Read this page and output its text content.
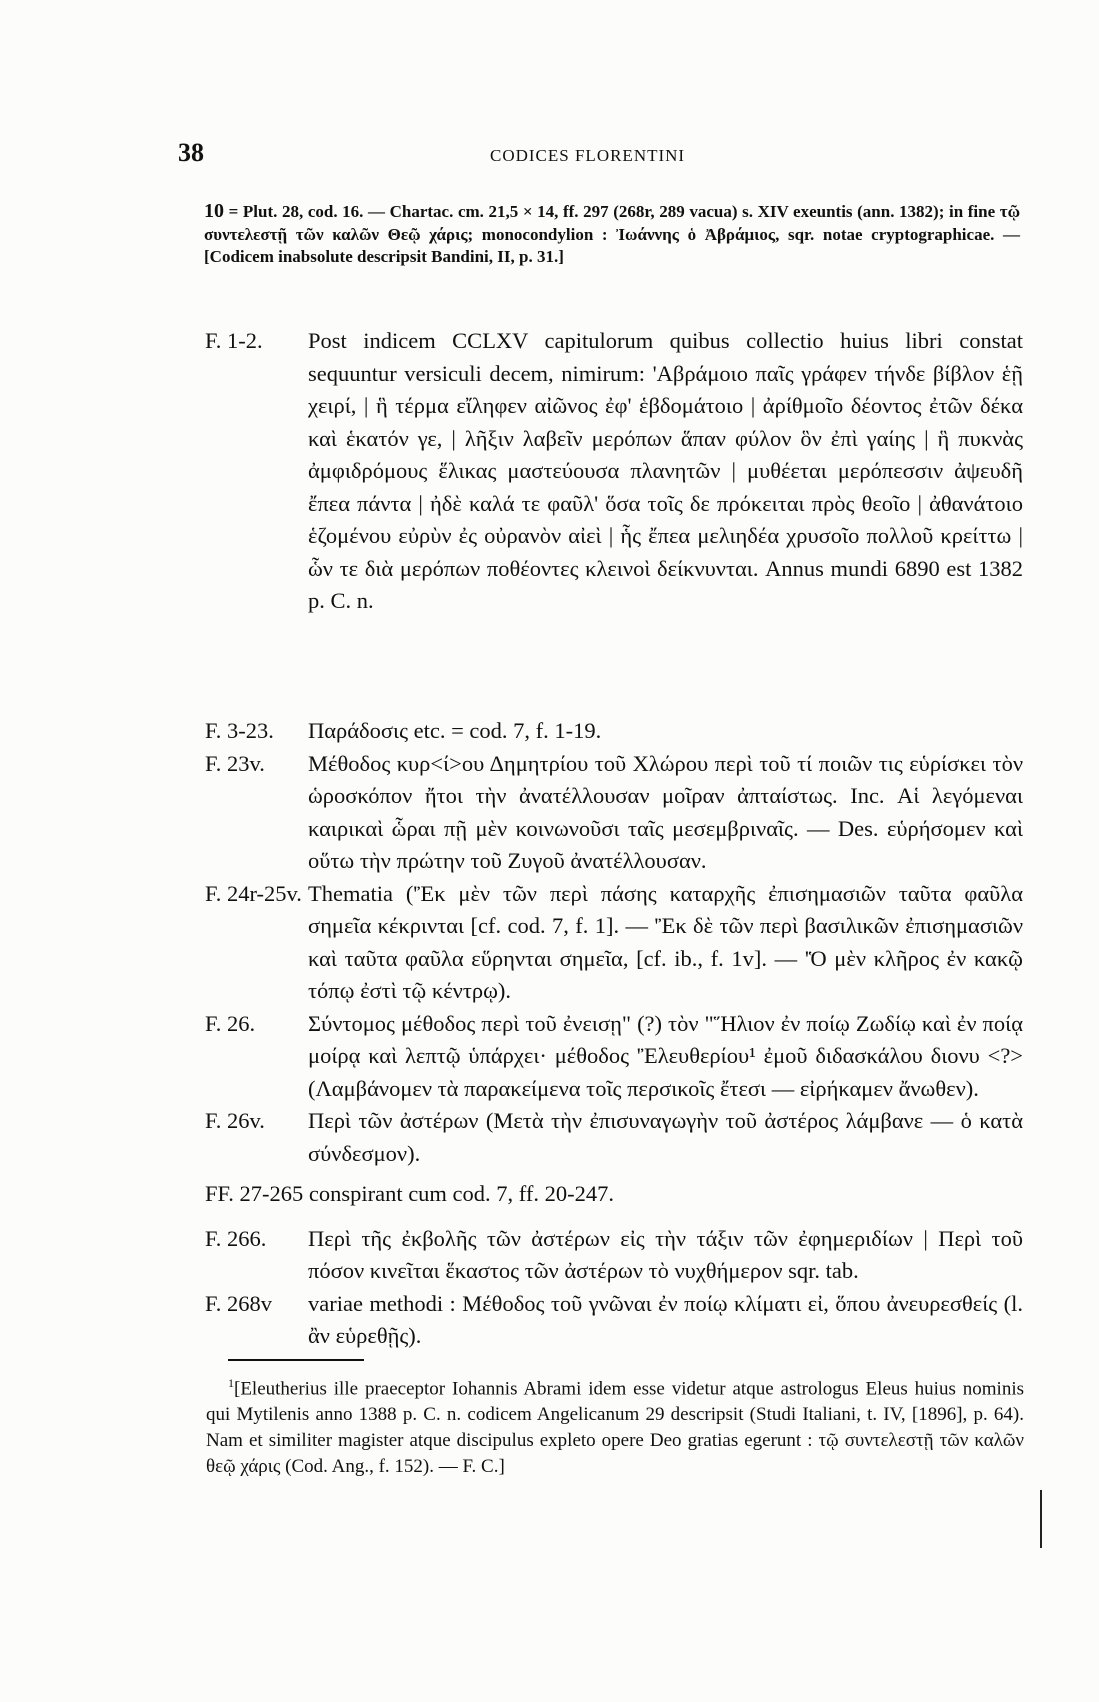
38	CODICES FLORENTINI
10 = Plut. 28, cod. 16. — Chartac. cm. 21,5 × 14, ff. 297 (268r, 289 vacua) s. XIV exeuntis (ann. 1382); in fine τῷ συντελεστῇ τῶν καλῶν Θεῷ χάρις; monocondylion : Ἰωάννης ὁ Ἀβράμιος, sqr. notae cryptographicae. — [Codicem inabsolute descripsit Bandini, II, p. 31.]
F. 1-2. Post indicem CCLXV capitulorum quibus collectio huius libri constat sequuntur versiculi decem, nimirum: 'Αβράμοιο παῖς γράφεν τήνδε βίβλον ἑῇ χειρί, | ἣ τέρμα εἴληφεν αἰῶνος ἐφ' ἑβδομάτοιο | ἀρίθμοῖο δέοντος ἐτῶν δέκα καὶ ἑκατόν γε, | λῆξιν λαβεῖν μερόπων ἅπαν φύλον ὃν ἐπὶ γαίης | ἣ πυκνὰς ἀμφιδρόμους ἕλικας μαστεύουσα πλανητῶν | μυθέεται μερόπεσσιν ἀψευδῆ ἔπεα πάντα | ἠδὲ καλά τε φαῦλ' ὅσα τοῖς δε πρόκειται πρὸς θεοῖο | ἀθανάτοιο ἑζομένου εὐρὺν ἐς οὐρανὸν αἰεὶ | ἧς ἔπεα μελιηδέα χρυσοῖο πολλοῦ κρείττω | ὧν τε διὰ μερόπων ποθέοντες κλεινοὶ δείκνυνται. Annus mundi 6890 est 1382 p. C. n.
F. 3-23. Παράδοσις etc. = cod. 7, f. 1-19.
F. 23v. Μέθοδος κυρ<ί>ου Δημητρίου τοῦ Χλώρου περὶ τοῦ τί ποιῶν τις εὑρίσκει τὸν ὡροσκόπον ἤτοι τὴν ἀνατέλλουσαν μοῖραν ἀπταίστως. Inc. Αἱ λεγόμεναι καιρικαὶ ὧραι πῇ μὲν κοινωνοῦσι ταῖς μεσεμβριναῖς. — Des. εὑρήσομεν καὶ οὕτω τὴν πρώτην τοῦ Ζυγοῦ ἀνατέλλουσαν.
F. 24r-25v. Thematia ('Ἐκ μὲν τῶν περὶ πάσης καταρχῆς ἐπισημασιῶν ταῦτα φαῦλα σημεῖα κέκρινται [cf. cod. 7, f. 1]. — 'Ἐκ δὲ τῶν περὶ βασιλικῶν ἐπισημασιῶν καὶ ταῦτα φαῦλα εὕρηνται σημεῖα, [cf. ib., f. 1v]. — 'Ὁ μὲν κλῆρος ἐν κακῷ τόπῳ ἐστὶ τῷ κέντρῳ).
F. 26. Σύντομος μέθοδος περὶ τοῦ ἐνεισῃ" (?) τὸν "Ἥλιον ἐν ποίῳ Ζωδίῳ καὶ ἐν ποίᾳ μοίρᾳ καὶ λεπτῷ ὑπάρχει· μέθοδος 'Ἐλευθερίου¹ ἐμοῦ διδασκάλου διονυ <?> (Λαμβάνομεν τὰ παρακείμενα τοῖς περσικοῖς ἔτεσι — εἰρήκαμεν ἄνωθεν).
F. 26v. Περὶ τῶν ἀστέρων (Μετὰ τὴν ἐπισυναγωγὴν τοῦ ἀστέρος λάμβανε — ὁ κατὰ σύνδεσμον).
FF. 27-265 conspirant cum cod. 7, ff. 20-247.
F. 266. Περὶ τῆς ἐκβολῆς τῶν ἀστέρων εἰς τὴν τάξιν τῶν ἐφημεριδίων | Περὶ τοῦ πόσον κινεῖται ἕκαστος τῶν ἀστέρων τὸ νυχθήμερον sqr. tab.
F. 268v variae methodi : Μέθοδος τοῦ γνῶναι ἐν ποίῳ κλίματι εἰ, ὅπου ἀνευρεσθείς (l. ἂν εὑρεθῇς).
$^1$[Eleutherius ille praeceptor Iohannis Abrami idem esse videtur atque astrologus Eleus huius nominis qui Mytilenis anno 1388 p. C. n. codicem Angelicanum 29 descripsit (Studi Italiani, t. IV, [1896], p. 64). Nam et similiter magister atque discipulus expleto opere Deo gratias egerunt : τῷ συντελεστῇ τῶν καλῶν θεῷ χάρις (Cod. Ang., f. 152). — F. C.]
